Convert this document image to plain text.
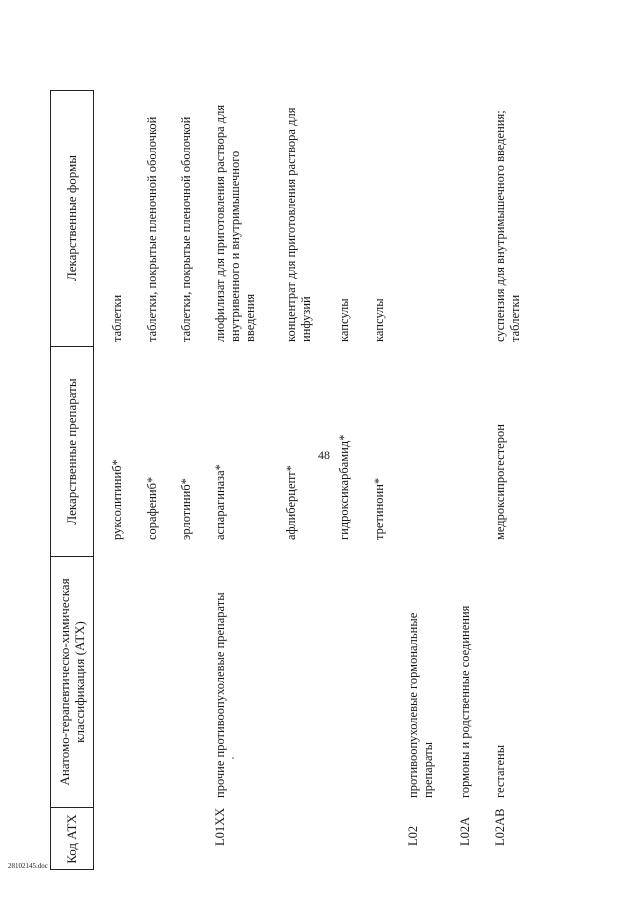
48
28102145.doc
Код АТХ
Анатомо-терапевтическо-химическая классификация (АТХ)
Лекарственные препараты
Лекарственные формы
руксолитиниб*
таблетки
сорафениб*
таблетки, покрытые пленочной оболочкой
эрлотиниб*
таблетки, покрытые пленочной оболочкой
L01XX
прочие противоопухолевые препараты
аспарагиназа*
лиофилизат для приготовления раствора для внутривенного и внутримышечного введения
афлиберцепт*
концентрат для приготовления раствора для инфузий
гидроксикарбамид*
капсулы
третиноин*
капсулы
L02
противоопухолевые гормональные препараты
L02A
гормоны и родственные соединения
L02AB
гестагены
медроксипрогестерон
суспензия для внутримышечного введения; таблетки
